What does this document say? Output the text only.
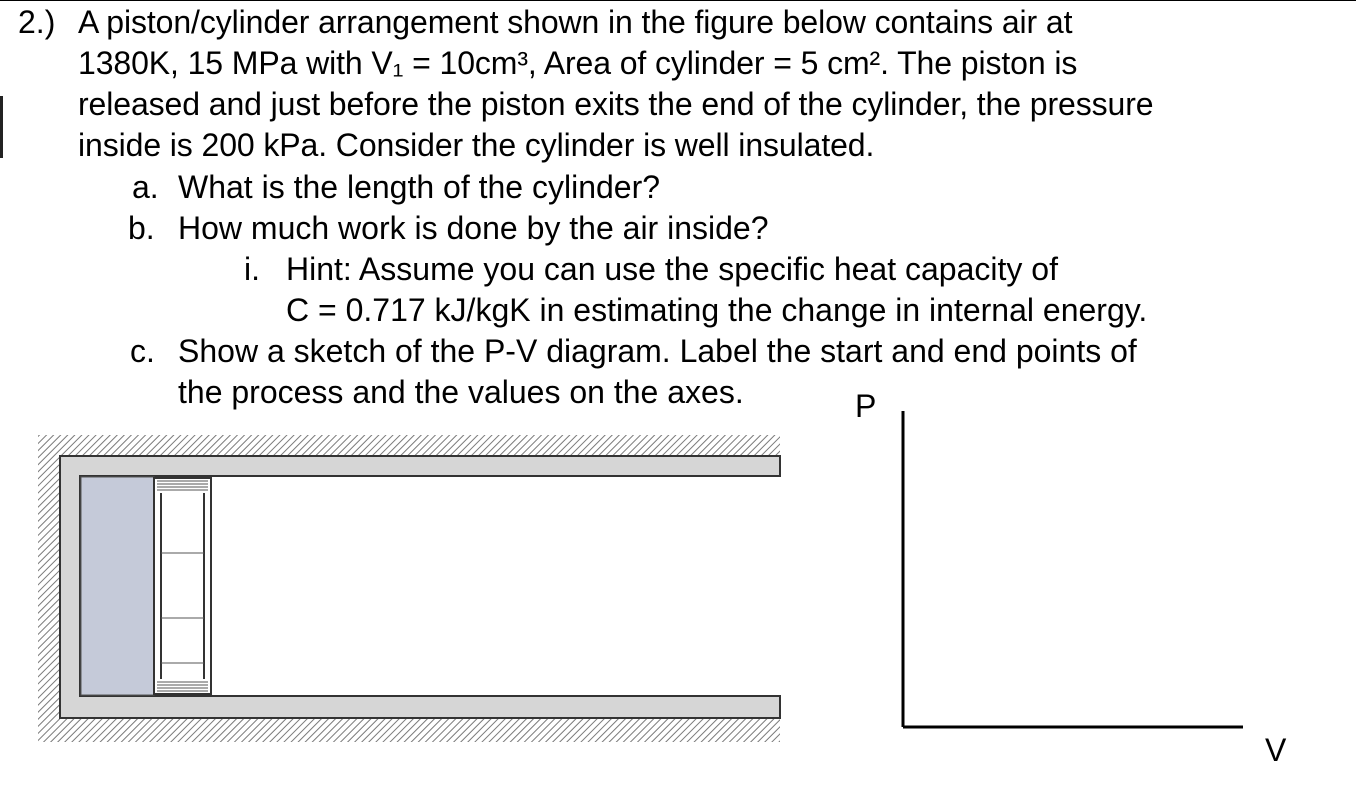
2.) A piston/cylinder arrangement shown in the figure below contains air at
1380K, 15 MPa with V₁ = 10cm³, Area of cylinder = 5 cm². The piston is
released and just before the piston exits the end of the cylinder, the pressure
inside is 200 kPa. Consider the cylinder is well insulated.
a. What is the length of the cylinder?
b. How much work is done by the air inside?
i. Hint: Assume you can use the specific heat capacity of
C = 0.717 kJ/kgK in estimating the change in internal energy.
c. Show a sketch of the P-V diagram. Label the start and end points of
the process and the values on the axes.	P
V
